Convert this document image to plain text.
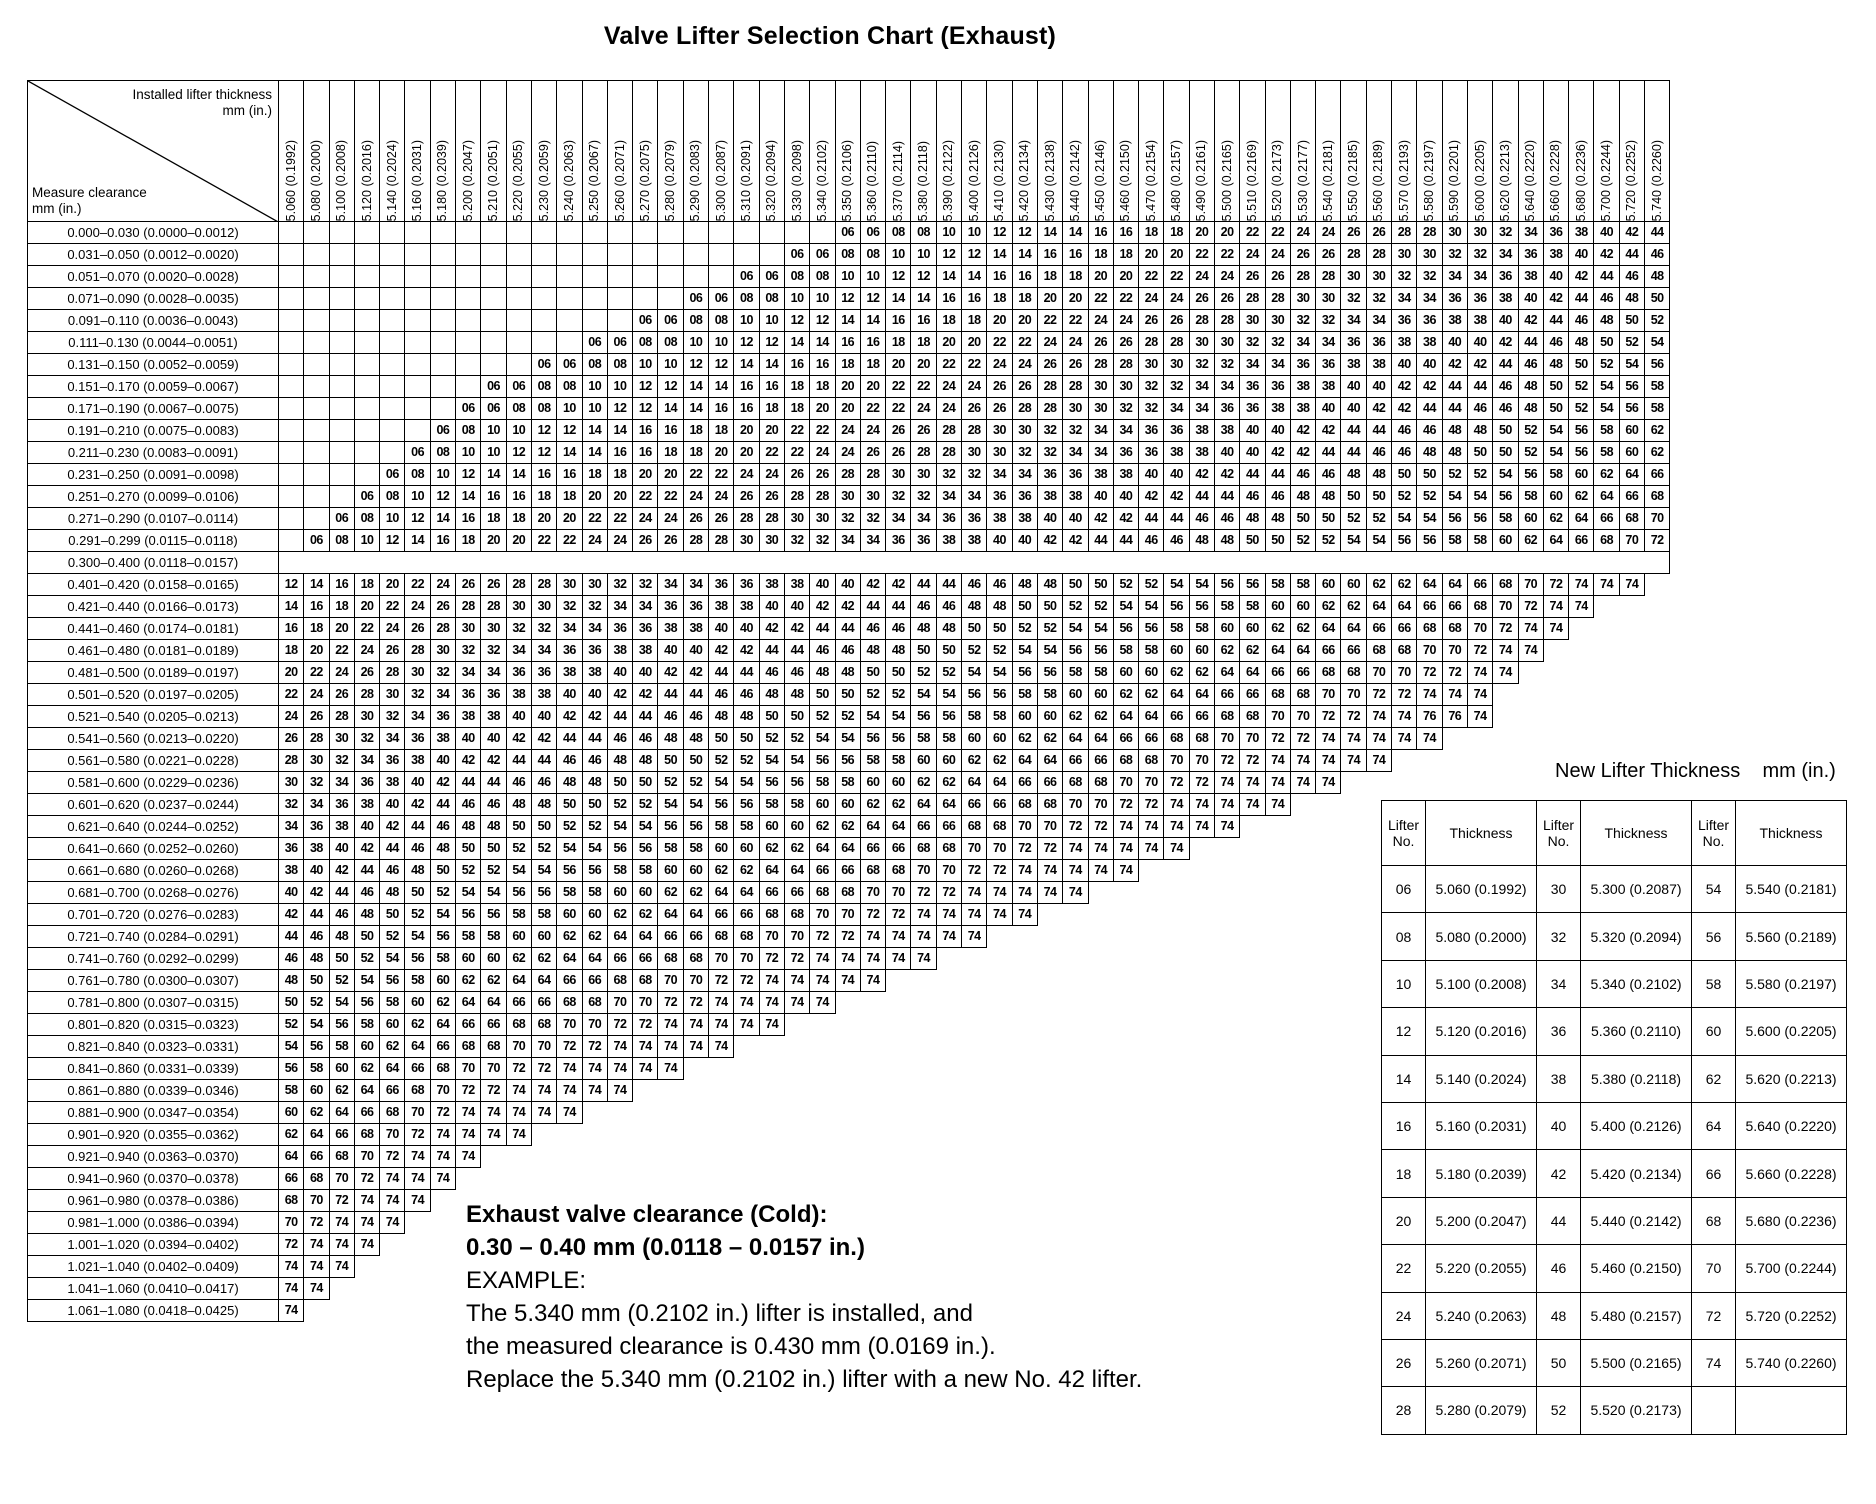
Valve Lifter Selection Chart (Exhaust)
Installed lifter thickness
mm (in.)
Measure clearance
mm (in.)	5.060 (0.1992)	5.080 (0.2000)	5.100 (0.2008)	5.120 (0.2016)	5.140 (0.2024)	5.160 (0.2031)	5.180 (0.2039)	5.200 (0.2047)	5.210 (0.2051)	5.220 (0.2055)	5.230 (0.2059)	5.240 (0.2063)	5.250 (0.2067)	5.260 (0.2071)	5.270 (0.2075)	5.280 (0.2079)	5.290 (0.2083)	5.300 (0.2087)	5.310 (0.2091)	5.320 (0.2094)	5.330 (0.2098)	5.340 (0.2102)	5.350 (0.2106)	5.360 (0.2110)	5.370 (0.2114)	5.380 (0.2118)	5.390 (0.2122)	5.400 (0.2126)	5.410 (0.2130)	5.420 (0.2134)	5.430 (0.2138)	5.440 (0.2142)	5.450 (0.2146)	5.460 (0.2150)	5.470 (0.2154)	5.480 (0.2157)	5.490 (0.2161)	5.500 (0.2165)	5.510 (0.2169)	5.520 (0.2173)	5.530 (0.2177)	5.540 (0.2181)	5.550 (0.2185)	5.560 (0.2189)	5.570 (0.2193)	5.580 (0.2197)	5.590 (0.2201)	5.600 (0.2205)	5.620 (0.2213)	5.640 (0.2220)	5.660 (0.2228)	5.680 (0.2236)	5.700 (0.2244)	5.720 (0.2252)	5.740 (0.2260)

0.000–0.030 (0.0000–0.0012)																							06	06	08	08	10	10	12	12	14	14	16	16	18	18	20	20	22	22	24	24	26	26	28	28	30	30	32	34	36	38	40	42	44
0.031–0.050 (0.0012–0.0020)																					06	06	08	08	10	10	12	12	14	14	16	16	18	18	20	20	22	22	24	24	26	26	28	28	30	30	32	32	34	36	38	40	42	44	46
0.051–0.070 (0.0020–0.0028)																			06	06	08	08	10	10	12	12	14	14	16	16	18	18	20	20	22	22	24	24	26	26	28	28	30	30	32	32	34	34	36	38	40	42	44	46	48
0.071–0.090 (0.0028–0.0035)																	06	06	08	08	10	10	12	12	14	14	16	16	18	18	20	20	22	22	24	24	26	26	28	28	30	30	32	32	34	34	36	36	38	40	42	44	46	48	50
0.091–0.110 (0.0036–0.0043)															06	06	08	08	10	10	12	12	14	14	16	16	18	18	20	20	22	22	24	24	26	26	28	28	30	30	32	32	34	34	36	36	38	38	40	42	44	46	48	50	52
0.111–0.130 (0.0044–0.0051)													06	06	08	08	10	10	12	12	14	14	16	16	18	18	20	20	22	22	24	24	26	26	28	28	30	30	32	32	34	34	36	36	38	38	40	40	42	44	46	48	50	52	54
0.131–0.150 (0.0052–0.0059)											06	06	08	08	10	10	12	12	14	14	16	16	18	18	20	20	22	22	24	24	26	26	28	28	30	30	32	32	34	34	36	36	38	38	40	40	42	42	44	46	48	50	52	54	56
0.151–0.170 (0.0059–0.0067)									06	06	08	08	10	10	12	12	14	14	16	16	18	18	20	20	22	22	24	24	26	26	28	28	30	30	32	32	34	34	36	36	38	38	40	40	42	42	44	44	46	48	50	52	54	56	58
0.171–0.190 (0.0067–0.0075)								06	06	08	08	10	10	12	12	14	14	16	16	18	18	20	20	22	22	24	24	26	26	28	28	30	30	32	32	34	34	36	36	38	38	40	40	42	42	44	44	46	46	48	50	52	54	56	58
0.191–0.210 (0.0075–0.0083)							06	08	10	10	12	12	14	14	16	16	18	18	20	20	22	22	24	24	26	26	28	28	30	30	32	32	34	34	36	36	38	38	40	40	42	42	44	44	46	46	48	48	50	52	54	56	58	60	62
0.211–0.230 (0.0083–0.0091)						06	08	10	10	12	12	14	14	16	16	18	18	20	20	22	22	24	24	26	26	28	28	30	30	32	32	34	34	36	36	38	38	40	40	42	42	44	44	46	46	48	48	50	50	52	54	56	58	60	62
0.231–0.250 (0.0091–0.0098)					06	08	10	12	14	14	16	16	18	18	20	20	22	22	24	24	26	26	28	28	30	30	32	32	34	34	36	36	38	38	40	40	42	42	44	44	46	46	48	48	50	50	52	52	54	56	58	60	62	64	66
0.251–0.270 (0.0099–0.0106)				06	08	10	12	14	16	16	18	18	20	20	22	22	24	24	26	26	28	28	30	30	32	32	34	34	36	36	38	38	40	40	42	42	44	44	46	46	48	48	50	50	52	52	54	54	56	58	60	62	64	66	68
0.271–0.290 (0.0107–0.0114)			06	08	10	12	14	16	18	18	20	20	22	22	24	24	26	26	28	28	30	30	32	32	34	34	36	36	38	38	40	40	42	42	44	44	46	46	48	48	50	50	52	52	54	54	56	56	58	60	62	64	66	68	70
0.291–0.299 (0.0115–0.0118)		06	08	10	12	14	16	18	20	20	22	22	24	24	26	26	28	28	30	30	32	32	34	34	36	36	38	38	40	40	42	42	44	44	46	46	48	48	50	50	52	52	54	54	56	56	58	58	60	62	64	66	68	70	72
0.300–0.400 (0.0118–0.0157)																																																							
0.401–0.420 (0.0158–0.0165)	12	14	16	18	20	22	24	26	26	28	28	30	30	32	32	34	34	36	36	38	38	40	40	42	42	44	44	46	46	48	48	50	50	52	52	54	54	56	56	58	58	60	60	62	62	64	64	66	68	70	72	74	74	74	
0.421–0.440 (0.0166–0.0173)	14	16	18	20	22	24	26	28	28	30	30	32	32	34	34	36	36	38	38	40	40	42	42	44	44	46	46	48	48	50	50	52	52	54	54	56	56	58	58	60	60	62	62	64	64	66	66	68	70	72	74	74			
0.441–0.460 (0.0174–0.0181)	16	18	20	22	24	26	28	30	30	32	32	34	34	36	36	38	38	40	40	42	42	44	44	46	46	48	48	50	50	52	52	54	54	56	56	58	58	60	60	62	62	64	64	66	66	68	68	70	72	74	74				
0.461–0.480 (0.0181–0.0189)	18	20	22	24	26	28	30	32	32	34	34	36	36	38	38	40	40	42	42	44	44	46	46	48	48	50	50	52	52	54	54	56	56	58	58	60	60	62	62	64	64	66	66	68	68	70	70	72	74	74					
0.481–0.500 (0.0189–0.0197)	20	22	24	26	28	30	32	34	34	36	36	38	38	40	40	42	42	44	44	46	46	48	48	50	50	52	52	54	54	56	56	58	58	60	60	62	62	64	64	66	66	68	68	70	70	72	72	74	74						
0.501–0.520 (0.0197–0.0205)	22	24	26	28	30	32	34	36	36	38	38	40	40	42	42	44	44	46	46	48	48	50	50	52	52	54	54	56	56	58	58	60	60	62	62	64	64	66	66	68	68	70	70	72	72	74	74	74							
0.521–0.540 (0.0205–0.0213)	24	26	28	30	32	34	36	38	38	40	40	42	42	44	44	46	46	48	48	50	50	52	52	54	54	56	56	58	58	60	60	62	62	64	64	66	66	68	68	70	70	72	72	74	74	76	76	74							
0.541–0.560 (0.0213–0.0220)	26	28	30	32	34	36	38	40	40	42	42	44	44	46	46	48	48	50	50	52	52	54	54	56	56	58	58	60	60	62	62	64	64	66	66	68	68	70	70	72	72	74	74	74	74	74									
0.561–0.580 (0.0221–0.0228)	28	30	32	34	36	38	40	42	42	44	44	46	46	48	48	50	50	52	52	54	54	56	56	58	58	60	60	62	62	64	64	66	66	68	68	70	70	72	72	74	74	74	74	74											
0.581–0.600 (0.0229–0.0236)	30	32	34	36	38	40	42	44	44	46	46	48	48	50	50	52	52	54	54	56	56	58	58	60	60	62	62	64	64	66	66	68	68	70	70	72	72	74	74	74	74	74													
0.601–0.620 (0.0237–0.0244)	32	34	36	38	40	42	44	46	46	48	48	50	50	52	52	54	54	56	56	58	58	60	60	62	62	64	64	66	66	68	68	70	70	72	72	74	74	74	74	74															
0.621–0.640 (0.0244–0.0252)	34	36	38	40	42	44	46	48	48	50	50	52	52	54	54	56	56	58	58	60	60	62	62	64	64	66	66	68	68	70	70	72	72	74	74	74	74	74																	
0.641–0.660 (0.0252–0.0260)	36	38	40	42	44	46	48	50	50	52	52	54	54	56	56	58	58	60	60	62	62	64	64	66	66	68	68	70	70	72	72	74	74	74	74	74																			
0.661–0.680 (0.0260–0.0268)	38	40	42	44	46	48	50	52	52	54	54	56	56	58	58	60	60	62	62	64	64	66	66	68	68	70	70	72	72	74	74	74	74	74																					
0.681–0.700 (0.0268–0.0276)	40	42	44	46	48	50	52	54	54	56	56	58	58	60	60	62	62	64	64	66	66	68	68	70	70	72	72	74	74	74	74	74																							
0.701–0.720 (0.0276–0.0283)	42	44	46	48	50	52	54	56	56	58	58	60	60	62	62	64	64	66	66	68	68	70	70	72	72	74	74	74	74	74																									
0.721–0.740 (0.0284–0.0291)	44	46	48	50	52	54	56	58	58	60	60	62	62	64	64	66	66	68	68	70	70	72	72	74	74	74	74	74																											
0.741–0.760 (0.0292–0.0299)	46	48	50	52	54	56	58	60	60	62	62	64	64	66	66	68	68	70	70	72	72	74	74	74	74	74																													
0.761–0.780 (0.0300–0.0307)	48	50	52	54	56	58	60	62	62	64	64	66	66	68	68	70	70	72	72	74	74	74	74	74																															
0.781–0.800 (0.0307–0.0315)	50	52	54	56	58	60	62	64	64	66	66	68	68	70	70	72	72	74	74	74	74	74																																	
0.801–0.820 (0.0315–0.0323)	52	54	56	58	60	62	64	66	66	68	68	70	70	72	72	74	74	74	74	74																																			
0.821–0.840 (0.0323–0.0331)	54	56	58	60	62	64	66	68	68	70	70	72	72	74	74	74	74	74																																					
0.841–0.860 (0.0331–0.0339)	56	58	60	62	64	66	68	70	70	72	72	74	74	74	74	74																																							
0.861–0.880 (0.0339–0.0346)	58	60	62	64	66	68	70	72	72	74	74	74	74	74																																									
0.881–0.900 (0.0347–0.0354)	60	62	64	66	68	70	72	74	74	74	74	74																																											
0.901–0.920 (0.0355–0.0362)	62	64	66	68	70	72	74	74	74	74																																													
0.921–0.940 (0.0363–0.0370)	64	66	68	70	72	74	74	74																																															
0.941–0.960 (0.0370–0.0378)	66	68	70	72	74	74	74																																																
0.961–0.980 (0.0378–0.0386)	68	70	72	74	74	74																																																	
0.981–1.000 (0.0386–0.0394)	70	72	74	74	74																																																		
1.001–1.020 (0.0394–0.0402)	72	74	74	74																																																			
1.021–1.040 (0.0402–0.0409)	74	74	74																																																				
1.041–1.060 (0.0410–0.0417)	74	74																																																					
1.061–1.080 (0.0418–0.0425)	74																																																						
Exhaust valve clearance (Cold):
0.30 – 0.40 mm (0.0118 – 0.0157 in.)
EXAMPLE:
The 5.340 mm (0.2102 in.) lifter is installed, and
the measured clearance is 0.430 mm (0.0169 in.).
Replace the 5.340 mm (0.2102 in.) lifter with a new No. 42 lifter.
New Lifter Thickness mm (in.)
Lifter No.	Thickness	Lifter No.	Thickness	Lifter No.	Thickness
06	5.060 (0.1992)	30	5.300 (0.2087)	54	5.540 (0.2181)
08	5.080 (0.2000)	32	5.320 (0.2094)	56	5.560 (0.2189)
10	5.100 (0.2008)	34	5.340 (0.2102)	58	5.580 (0.2197)
12	5.120 (0.2016)	36	5.360 (0.2110)	60	5.600 (0.2205)
14	5.140 (0.2024)	38	5.380 (0.2118)	62	5.620 (0.2213)
16	5.160 (0.2031)	40	5.400 (0.2126)	64	5.640 (0.2220)
18	5.180 (0.2039)	42	5.420 (0.2134)	66	5.660 (0.2228)
20	5.200 (0.2047)	44	5.440 (0.2142)	68	5.680 (0.2236)
22	5.220 (0.2055)	46	5.460 (0.2150)	70	5.700 (0.2244)
24	5.240 (0.2063)	48	5.480 (0.2157)	72	5.720 (0.2252)
26	5.260 (0.2071)	50	5.500 (0.2165)	74	5.740 (0.2260)
28	5.280 (0.2079)	52	5.520 (0.2173)		
